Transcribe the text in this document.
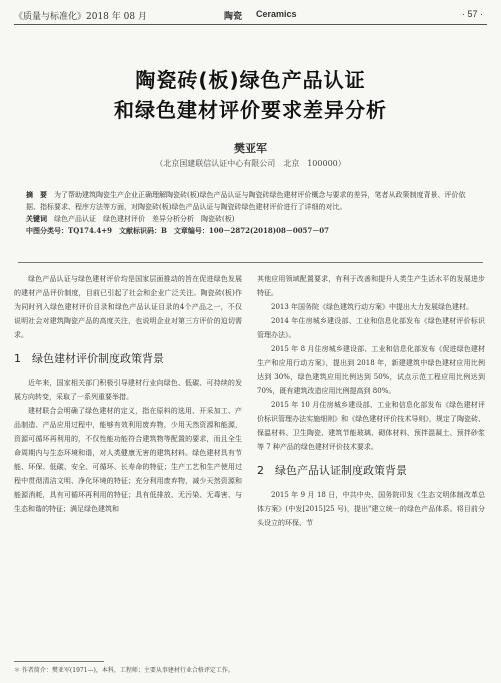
《质量与标准化》2018 年 08 月	陶瓷 Ceramics	· 57 ·
陶瓷砖(板)绿色产品认证
和绿色建材评价要求差异分析
樊亚军
（北京国建联信认证中心有限公司　北京　100000）
摘　要　 为了帮助建筑陶瓷生产企业正确理解陶瓷砖(板)绿色产品认证与陶瓷砖绿色建材评价概念与要求的差异，笔者从政策制度背景、评价依据、指标要求、程序方法等方面，对陶瓷砖(板)绿色产品认证与陶瓷砖绿色建材评价进行了详细的对比。
关键词　 绿色产品认证　绿色建材评价　差异分析分析　陶瓷砖(板)
中图分类号：TQ174.4+9　文献标识码：B　文章编号：100－2872(2018)08－0057－07

绿色产品认证与绿色建材评价均是国家层面推动的旨在促进绿色发展的建材产品评价制度，目前已引起了社会和企业广泛关注。陶瓷砖(板)作为同时列入绿色建材评价目录和绿色产品认证目录的4个产品之一，不仅说明社会对建筑陶瓷产品的高度关注，也说明企业对第三方评价的迫切需求。

1　绿色建材评价制度政策背景

近年来，国家相关部门积极引导建材行业向绿色、低碳、可持续的发展方向转变，采取了一系列重要举措。

建材联合会明确了绿色建材的定义，指在原料的选用、开采加工、产品制造、产品应用过程中，能够有效利用废弃物，少用天然资源和能源，资源可循环再利用的，不仅性能功能符合建筑物等配置的要求，而且全生命周期内与生态环境和谐，对人类健康无害的建筑材料。绿色建材具有节能、环保、低碳、安全、可循环、长寿命的特征；生产工艺和生产使用过程中贯彻清洁文明、净化环境的特征；充分利用废弃物，减少天然资源和能源消耗，具有可循环再利用的特征；具有低排放、无污染、无毒害、与生态和谐的特征；满足绿色建筑和

其他应用领域配置要求，有利于改善和提升人类生产生活水平的发展进步特征。

2013 年国务院《绿色建筑行动方案》中提出大力发展绿色建材。

2014 年住房城乡建设部、工业和信息化部发布《绿色建材评价标识管理办法》。

2015 年 8 月住房城乡建设部、工业和信息化部发布《促进绿色建材生产和应用行动方案》，提出到 2018 年，新建建筑中绿色建材应用比例达到 30%，绿色建筑应用比例达到 50%，试点示范工程应用比例达到 70%，既有建筑改造应用比例提高到 80%。

2015 年 10 月住房城乡建设部、工业和信息化部发布《绿色建材评价标识管理办法实施细则》和《绿色建材评价技术导则》，规定了陶瓷砖、保温材料、卫生陶瓷、建筑节能玻璃、砌体材料、预拌混凝土、预拌砂浆等 7 种产品的绿色建材评价技术要求。

2　绿色产品认证制度政策背景

2015 年 9 月 18 日，中共中央、国务院印发《生态文明体制改革总体方案》(中发[2015]25 号)，提出"建立统一的绿色产品体系。将目前分头设立的环保、节

＊ 作者简介：樊亚军(1971—)，本科，工程师；主要从事建材行业合格评定工作。
